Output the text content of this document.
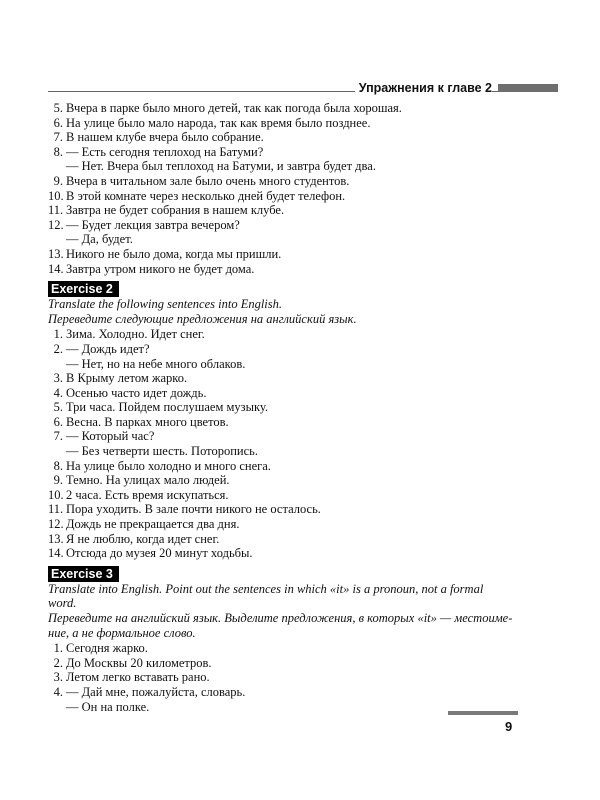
Упражнения к главе 2
5. Вчера в парке было много детей, так как погода была хорошая.
6. На улице было мало народа, так как время было позднее.
7. В нашем клубе вчера было собрание.
8. — Есть сегодня теплоход на Батуми?
— Нет. Вчера был теплоход на Батуми, и завтра будет два.
9. Вчера в читальном зале было очень много студентов.
10. В этой комнате через несколько дней будет телефон.
11. Завтра не будет собрания в нашем клубе.
12. — Будет лекция завтра вечером?
— Да, будет.
13. Никого не было дома, когда мы пришли.
14. Завтра утром никого не будет дома.
Exercise 2
Translate the following sentences into English.
Переведите следующие предложения на английский язык.
1. Зима. Холодно. Идет снег.
2. — Дождь идет?
— Нет, но на небе много облаков.
3. В Крыму летом жарко.
4. Осенью часто идет дождь.
5. Три часа. Пойдем послушаем музыку.
6. Весна. В парках много цветов.
7. — Который час?
— Без четверти шесть. Поторопись.
8. На улице было холодно и много снега.
9. Темно. На улицах мало людей.
10. 2 часа. Есть время искупаться.
11. Пора уходить. В зале почти никого не осталось.
12. Дождь не прекращается два дня.
13. Я не люблю, когда идет снег.
14. Отсюда до музея 20 минут ходьбы.
Exercise 3
Translate into English. Point out the sentences in which «it» is a pronoun, not a formal
word.
Переведите на английский язык. Выделите предложения, в которых «it» — местоиме-
ние, а не формальное слово.
1. Сегодня жарко.
2. До Москвы 20 километров.
3. Летом легко вставать рано.
4. — Дай мне, пожалуйста, словарь.
— Он на полке.
9
